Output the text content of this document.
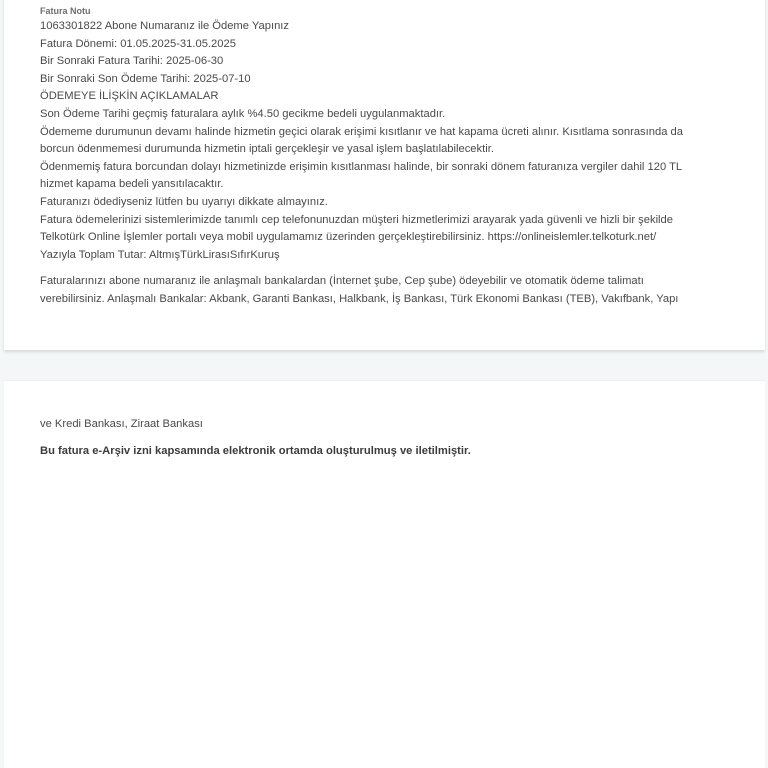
Fatura Notu
1063301822 Abone Numaranız ile Ödeme Yapınız
Fatura Dönemi: 01.05.2025-31.05.2025
Bir Sonraki Fatura Tarihi: 2025-06-30
Bir Sonraki Son Ödeme Tarihi: 2025-07-10
ÖDEMEYE İLİŞKİN AÇIKLAMALAR
Son Ödeme Tarihi geçmiş faturalara aylık %4.50 gecikme bedeli uygulanmaktadır.
Ödememe durumunun devamı halinde hizmetin geçici olarak erişimi kısıtlanır ve hat kapama ücreti alınır. Kısıtlama sonrasında da
borcun ödenmemesi durumunda hizmetin iptali gerçekleşir ve yasal işlem başlatılabilecektir.
Ödenmemiş fatura borcundan dolayı hizmetinizde erişimin kısıtlanması halinde, bir sonraki dönem faturanıza vergiler dahil 120 TL
hizmet kapama bedeli yansıtılacaktır.
Faturanızı ödediyseniz lütfen bu uyarıyı dikkate almayınız.
Fatura ödemelerinizi sistemlerimizde tanımlı cep telefonunuzdan müşteri hizmetlerimizi arayarak yada güvenli ve hizli bir şekilde
Telkotürk Online İşlemler portalı veya mobil uygulamamız üzerinden gerçekleştirebilirsiniz. https://onlineislemler.telkoturk.net/
Yazıyla Toplam Tutar: AltmışTürkLirasıSıfırKuruş
Faturalarınızı abone numaranız ile anlaşmalı bankalardan (İnternet şube, Cep şube) ödeyebilir ve otomatik ödeme talimatı
verebilirsiniz. Anlaşmalı Bankalar: Akbank, Garanti Bankası, Halkbank, İş Bankası, Türk Ekonomi Bankası (TEB), Vakıfbank, Yapı
ve Kredi Bankası, Ziraat Bankası
Bu fatura e-Arşiv izni kapsamında elektronik ortamda oluşturulmuş ve iletilmiştir.
